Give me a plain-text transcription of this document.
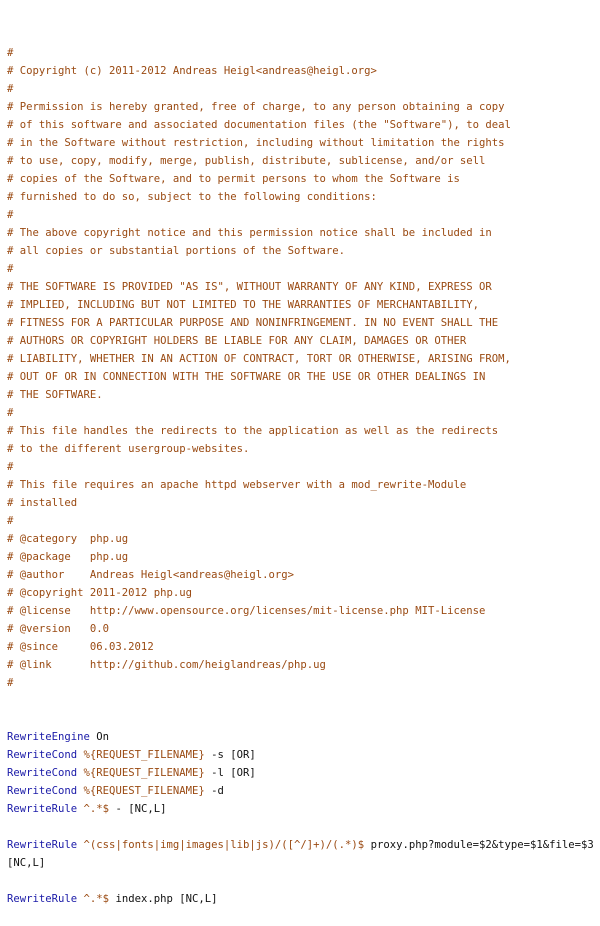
#
# Copyright (c) 2011-2012 Andreas Heigl<andreas@heigl.org>
#
# Permission is hereby granted, free of charge, to any person obtaining a copy
# of this software and associated documentation files (the "Software"), to deal
# in the Software without restriction, including without limitation the rights
# to use, copy, modify, merge, publish, distribute, sublicense, and/or sell
# copies of the Software, and to permit persons to whom the Software is
# furnished to do so, subject to the following conditions:
#
# The above copyright notice and this permission notice shall be included in
# all copies or substantial portions of the Software.
#
# THE SOFTWARE IS PROVIDED "AS IS", WITHOUT WARRANTY OF ANY KIND, EXPRESS OR
# IMPLIED, INCLUDING BUT NOT LIMITED TO THE WARRANTIES OF MERCHANTABILITY,
# FITNESS FOR A PARTICULAR PURPOSE AND NONINFRINGEMENT. IN NO EVENT SHALL THE
# AUTHORS OR COPYRIGHT HOLDERS BE LIABLE FOR ANY CLAIM, DAMAGES OR OTHER
# LIABILITY, WHETHER IN AN ACTION OF CONTRACT, TORT OR OTHERWISE, ARISING FROM,
# OUT OF OR IN CONNECTION WITH THE SOFTWARE OR THE USE OR OTHER DEALINGS IN
# THE SOFTWARE.
#
# This file handles the redirects to the application as well as the redirects
# to the different usergroup-websites.
#
# This file requires an apache httpd webserver with a mod_rewrite-Module
# installed
#
# @category  php.ug
# @package   php.ug
# @author    Andreas Heigl<andreas@heigl.org>
# @copyright 2011-2012 php.ug
# @license   http://www.opensource.org/licenses/mit-license.php MIT-License
# @version   0.0
# @since     06.03.2012
# @link      http://github.com/heiglandreas/php.ug
#

RewriteEngine On
RewriteCond %{REQUEST_FILENAME} -s [OR]
RewriteCond %{REQUEST_FILENAME} -l [OR]
RewriteCond %{REQUEST_FILENAME} -d
RewriteRule ^.*$ - [NC,L]
RewriteRule ^(css|fonts|img|images|lib|js)/([^/]+)/(.*)$ proxy.php?module=$2&type=$1&file=$3
[NC,L]
RewriteRule ^.*$ index.php [NC,L]
